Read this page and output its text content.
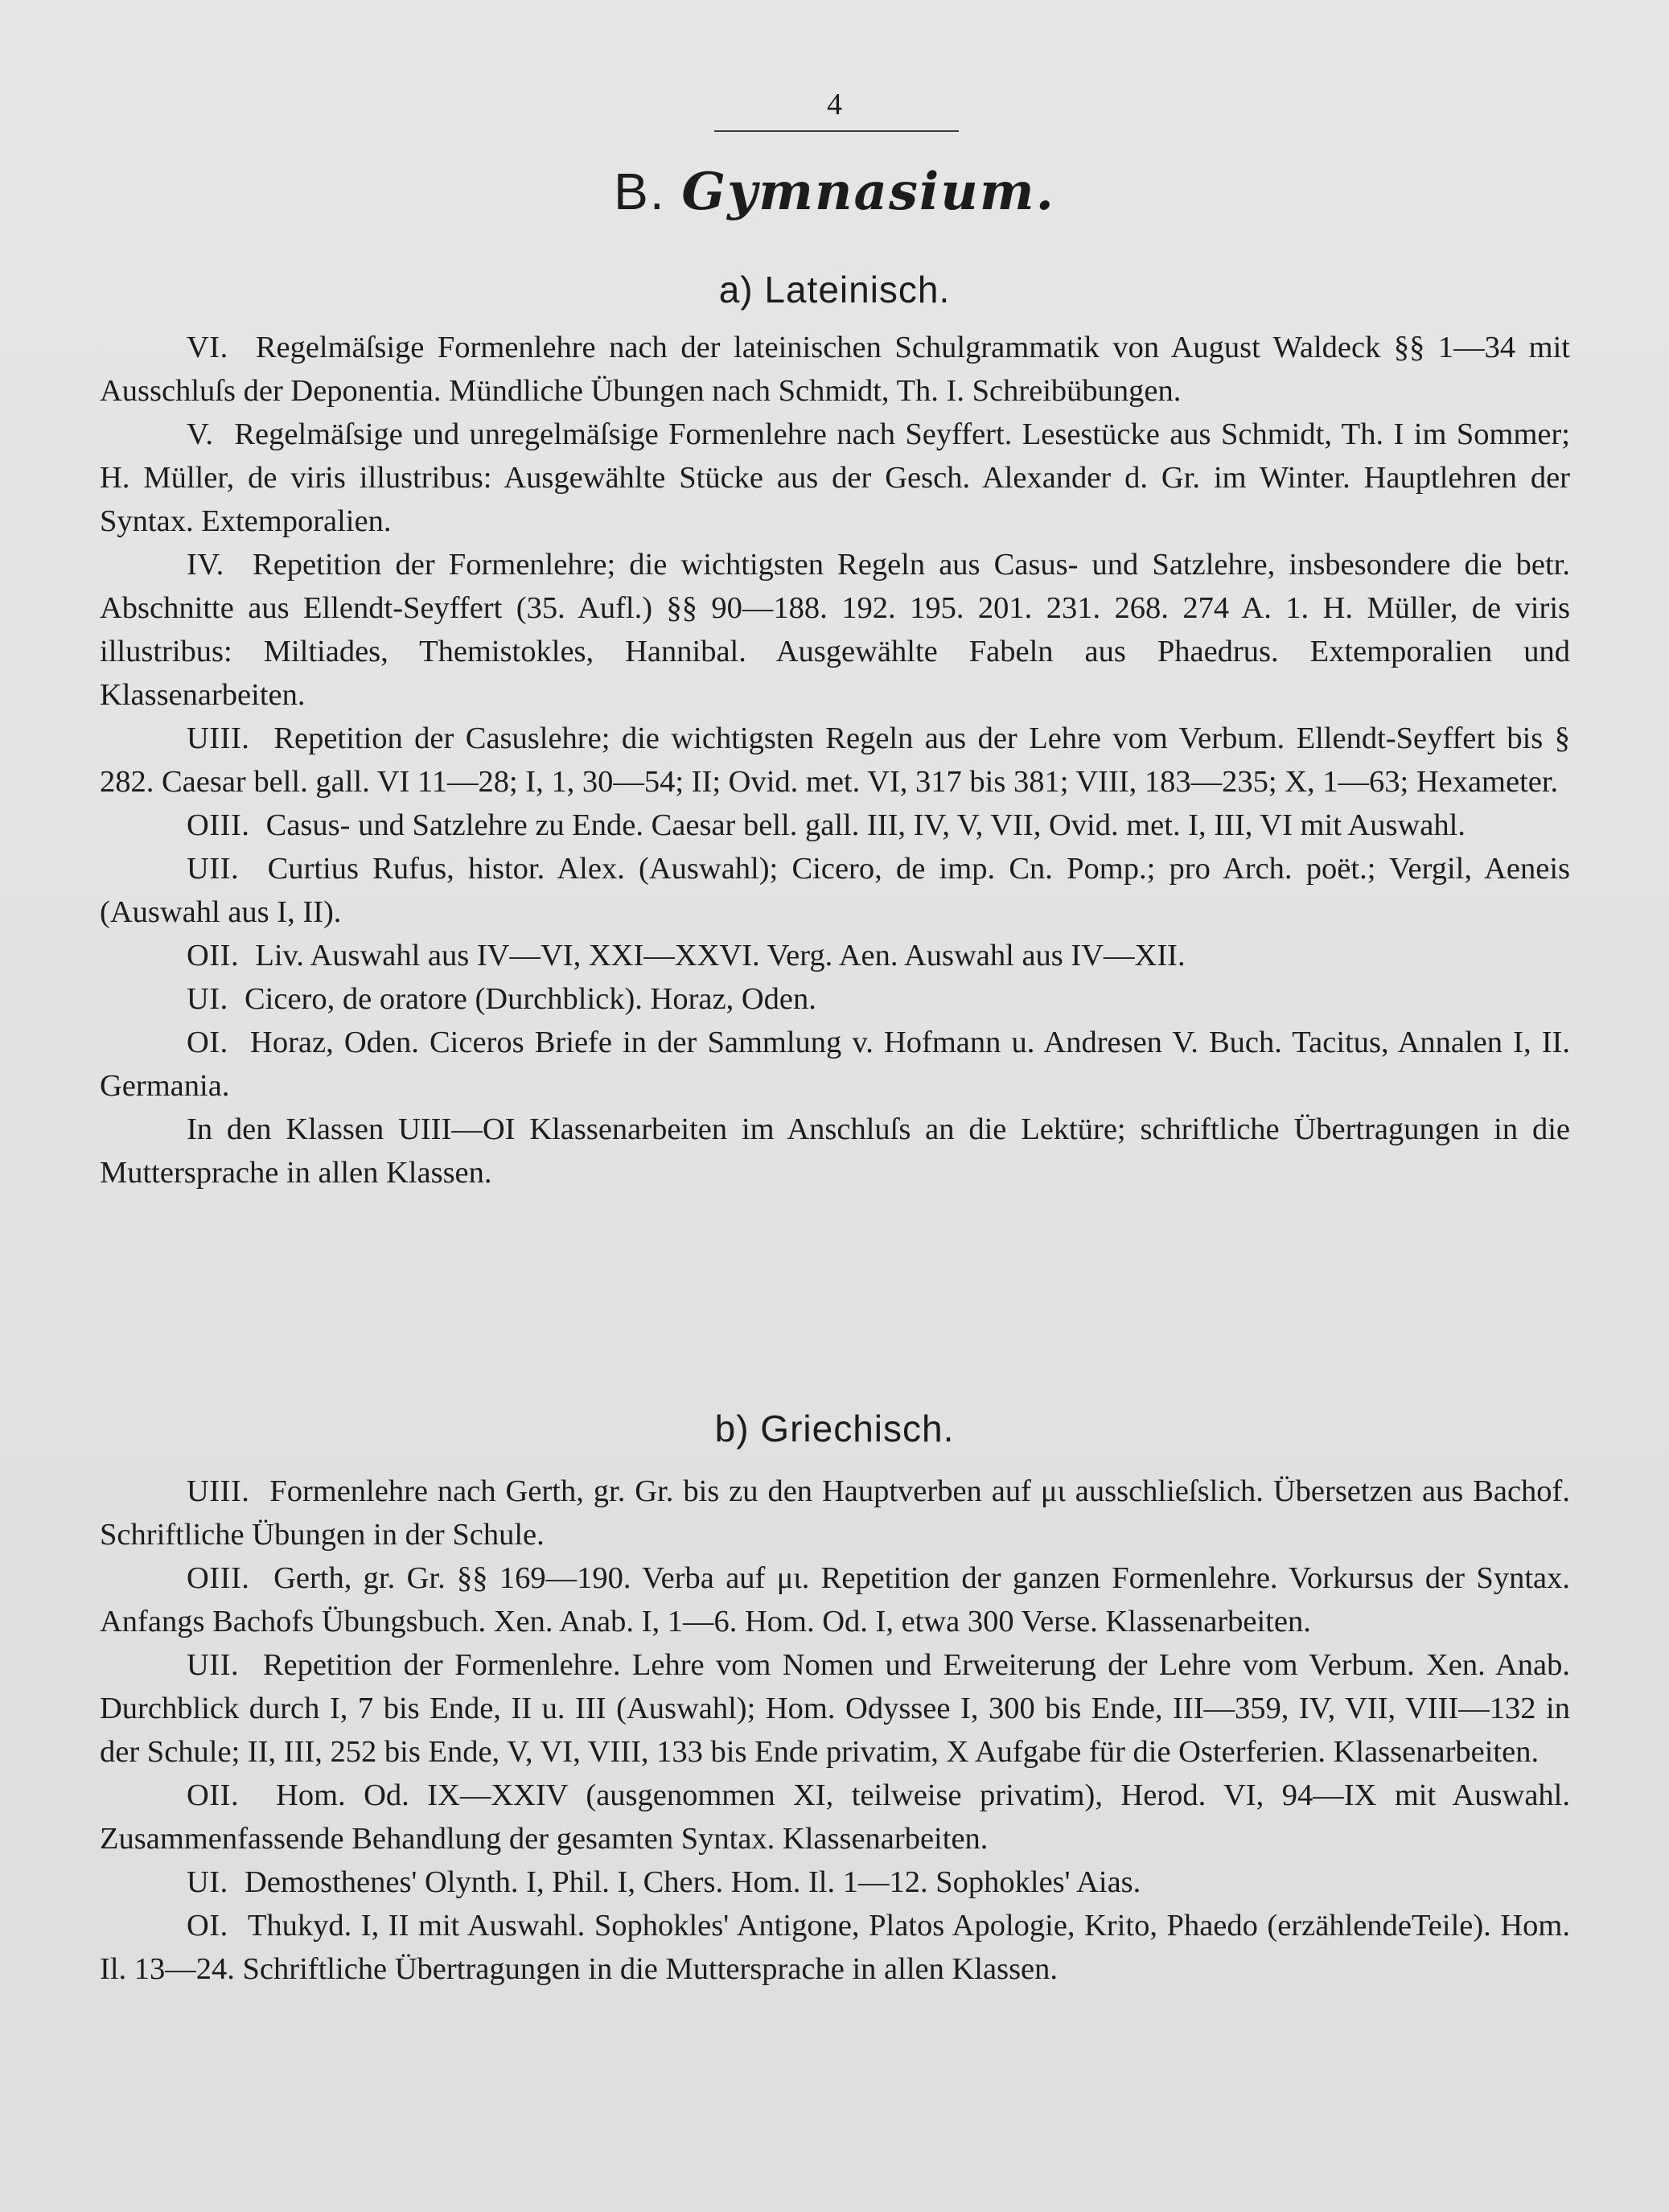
4
B. Gymnasium.
a) Lateinisch.

VI. Regelmäſsige Formenlehre nach der lateinischen Schulgrammatik von August Waldeck §§ 1—34 mit Ausschluſs der Deponentia. Mündliche Übungen nach Schmidt, Th. I. Schreibübungen.

V. Regelmäſsige und unregelmäſsige Formenlehre nach Seyffert. Lesestücke aus Schmidt, Th. I im Sommer; H. Müller, de viris illustribus: Ausgewählte Stücke aus der Gesch. Alexander d. Gr. im Winter. Hauptlehren der Syntax. Extemporalien.

IV. Repetition der Formenlehre; die wichtigsten Regeln aus Casus- und Satzlehre, insbesondere die betr. Abschnitte aus Ellendt-Seyffert (35. Aufl.) §§ 90—188. 192. 195. 201. 231. 268. 274 A. 1. H. Müller, de viris illustribus: Miltiades, Themistokles, Hannibal. Ausgewählte Fabeln aus Phaedrus. Extemporalien und Klassenarbeiten.

UIII. Repetition der Casuslehre; die wichtigsten Regeln aus der Lehre vom Verbum. Ellendt-Seyffert bis § 282. Caesar bell. gall. VI 11—28; I, 1, 30—54; II; Ovid. met. VI, 317 bis 381; VIII, 183—235; X, 1—63; Hexameter.

OIII. Casus- und Satzlehre zu Ende. Caesar bell. gall. III, IV, V, VII, Ovid. met. I, III, VI mit Auswahl.

UII. Curtius Rufus, histor. Alex. (Auswahl); Cicero, de imp. Cn. Pomp.; pro Arch. poët.; Vergil, Aeneis (Auswahl aus I, II).

OII. Liv. Auswahl aus IV—VI, XXI—XXVI. Verg. Aen. Auswahl aus IV—XII.

UI. Cicero, de oratore (Durchblick). Horaz, Oden.

OI. Horaz, Oden. Ciceros Briefe in der Sammlung v. Hofmann u. Andresen V. Buch. Tacitus, Annalen I, II. Germania.

In den Klassen UIII—OI Klassenarbeiten im Anschluſs an die Lektüre; schriftliche Übertragungen in die Muttersprache in allen Klassen.

b) Griechisch.

UIII. Formenlehre nach Gerth, gr. Gr. bis zu den Hauptverben auf μι ausschlieſslich. Übersetzen aus Bachof. Schriftliche Übungen in der Schule.

OIII. Gerth, gr. Gr. §§ 169—190. Verba auf μι. Repetition der ganzen Formenlehre. Vorkursus der Syntax. Anfangs Bachofs Übungsbuch. Xen. Anab. I, 1—6. Hom. Od. I, etwa 300 Verse. Klassenarbeiten.

UII. Repetition der Formenlehre. Lehre vom Nomen und Erweiterung der Lehre vom Verbum. Xen. Anab. Durchblick durch I, 7 bis Ende, II u. III (Auswahl); Hom. Odyssee I, 300 bis Ende, III—359, IV, VII, VIII—132 in der Schule; II, III, 252 bis Ende, V, VI, VIII, 133 bis Ende privatim, X Aufgabe für die Osterferien. Klassenarbeiten.

OII. Hom. Od. IX—XXIV (ausgenommen XI, teilweise privatim), Herod. VI, 94—IX mit Auswahl. Zusammenfassende Behandlung der gesamten Syntax. Klassenarbeiten.

UI. Demosthenes' Olynth. I, Phil. I, Chers. Hom. Il. 1—12. Sophokles' Aias.

OI. Thukyd. I, II mit Auswahl. Sophokles' Antigone, Platos Apologie, Krito, Phaedo (erzählendeTeile). Hom. Il. 13—24. Schriftliche Übertragungen in die Muttersprache in allen Klassen.
